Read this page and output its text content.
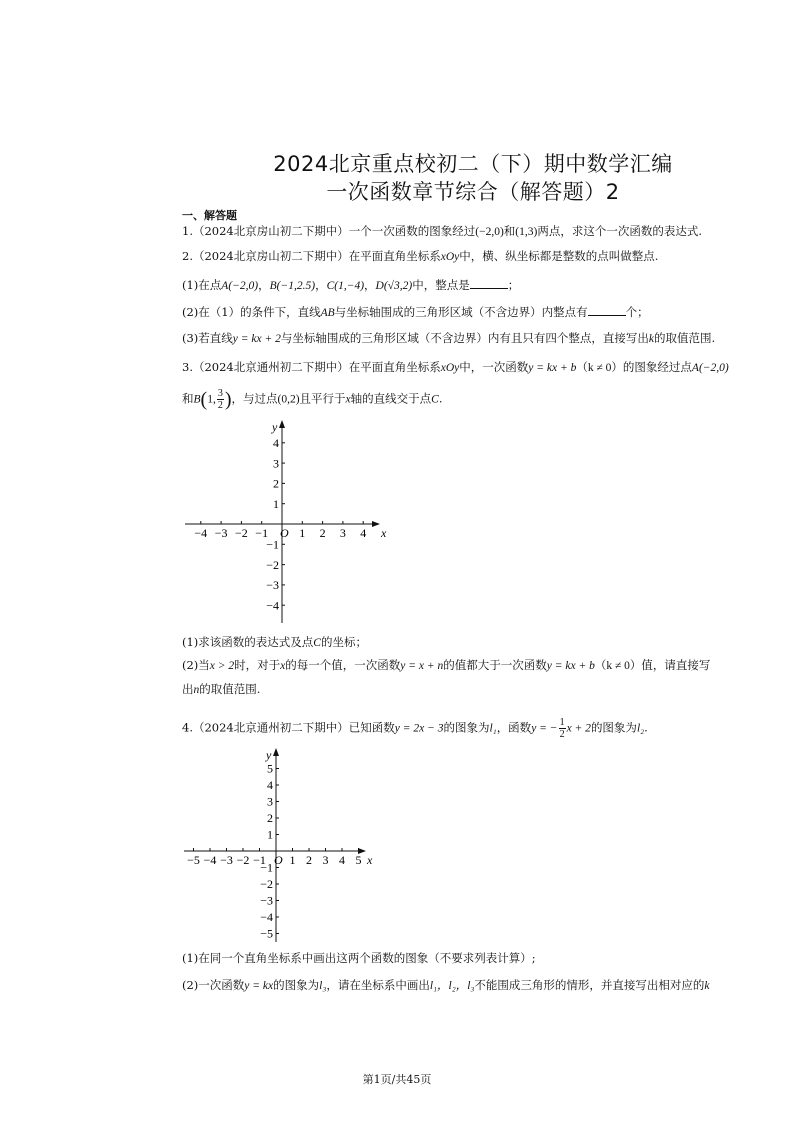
2024北京重点校初二（下）期中数学汇编
一次函数章节综合（解答题）2
一、解答题
1.（2024北京房山初二下期中）一个一次函数的图象经过(−2,0)和(1,3)两点，求这个一次函数的表达式.
2.（2024北京房山初二下期中）在平面直角坐标系xOy中，横、纵坐标都是整数的点叫做整点.
(1)在点A(−2,0)，B(−1,2.5)，C(1,−4)，D(√3,2)中，整点是	；
(2)在（1）的条件下，直线AB与坐标轴围成的三角形区域（不含边界）内整点有	个；
(3)若直线y = kx + 2与坐标轴围成的三角形区域（不含边界）内有且只有四个整点，直接写出k的取值范围.
3.（2024北京通州初二下期中）在平面直角坐标系xOy中，一次函数y = kx + b（k ≠ 0）的图象经过点A(−2,0)
和B(1, $\frac{3}{2}$ )，与过点(0,2)且平行于x轴的直线交于点C.
−4 −3 −2 −1	1 2 3 4
4
3
2
1
−1
−2
−3
−4
O	x
y
(1)求该函数的表达式及点C的坐标；
(2)当x > 2时，对于x的每一个值，一次函数y = x + n的值都大于一次函数y = kx + b（k ≠ 0）值，请直接写
出n的取值范围.
4.（2024北京通州初二下期中）已知函数y = 2x − 3的图象为l₁，函数y = − $\frac{1}{2}$ x + 2的图象为l₂.
−5 −4 −3 −2 −1 1 2 3 4 5
5
4
3
2
1
−1
−2
−3
−4
−5
O	x
y
(1)在同一个直角坐标系中画出这两个函数的图象（不要求列表计算）;
(2)一次函数y = kx的图象为l₃，请在坐标系中画出l₁，l₂，l₃不能围成三角形的情形，并直接写出相对应的k
第1页/共45页
